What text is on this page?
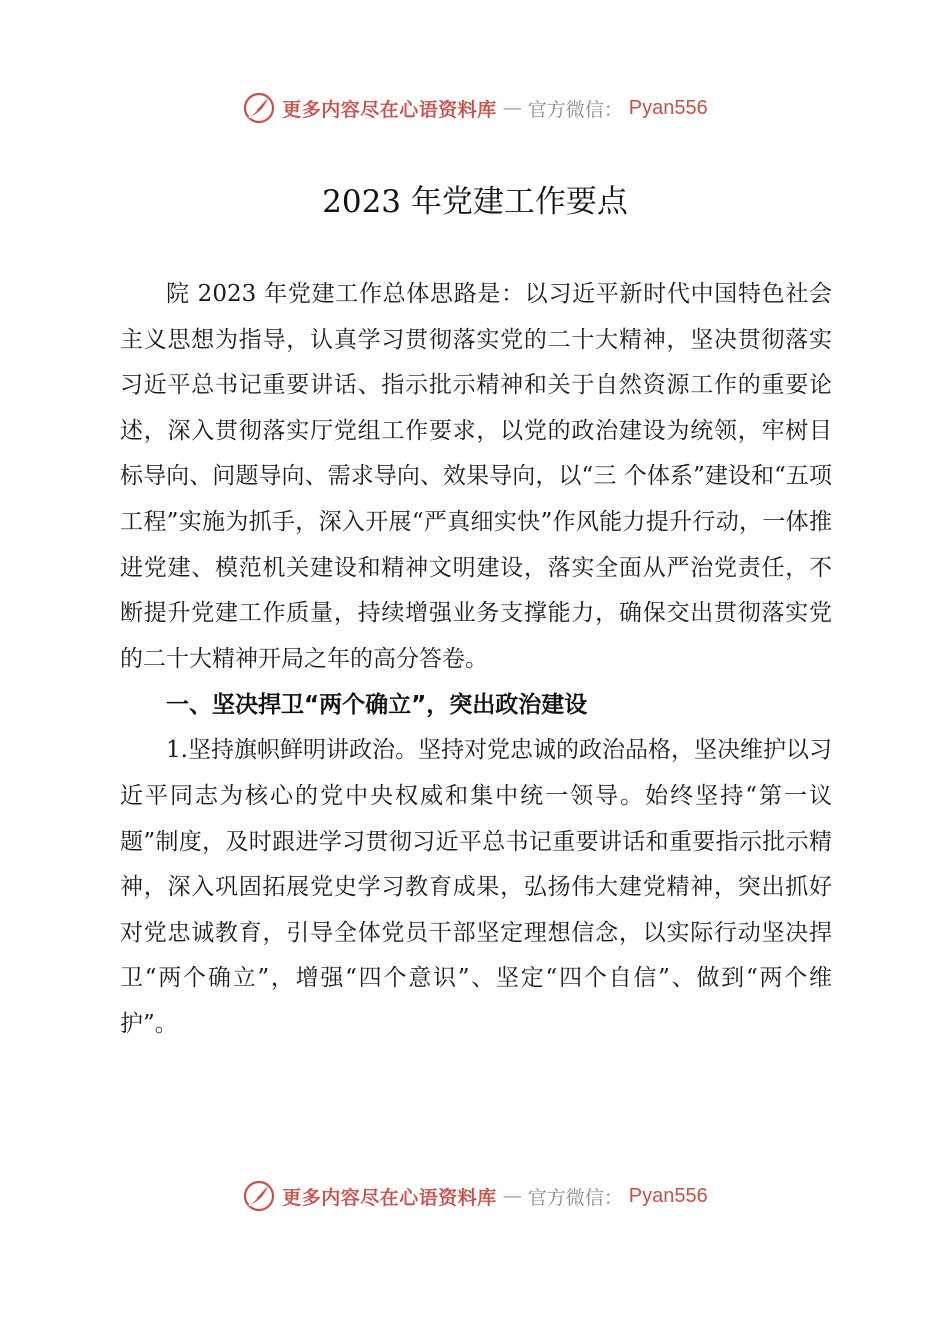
更多内容尽在心语资料库 — 官方微信： Pyan556
2023 年党建工作要点

院 2023 年党建工作总体思路是：以习近平新时代中国特色社会主义思想为指导，认真学习贯彻落实党的二十大精神，坚决贯彻落实习近平总书记重要讲话、指示批示精神和关于自然资源工作的重要论述，深入贯彻落实厅党组工作要求，以党的政治建设为统领，牢树目标导向、问题导向、需求导向、效果导向，以“三 个体系”建设和“五项工程”实施为抓手，深入开展“严真细实快”作风能力提升行动，一体推进党建、模范机关建设和精神文明建设，落实全面从严治党责任，不断提升党建工作质量，持续增强业务支撑能力，确保交出贯彻落实党的二十大精神开局之年的高分答卷。

一、坚决捍卫“两个确立”，突出政治建设

1.坚持旗帜鲜明讲政治。坚持对党忠诚的政治品格，坚决维护以习近平同志为核心的党中央权威和集中统一领导。始终坚持“第一议题”制度，及时跟进学习贯彻习近平总书记重要讲话和重要指示批示精神，深入巩固拓展党史学习教育成果，弘扬伟大建党精神，突出抓好对党忠诚教育，引导全体党员干部坚定理想信念，以实际行动坚决捍卫“两个确立”，增强“四个意识”、坚定“四个自信”、做到“两个维护”。

更多内容尽在心语资料库 — 官方微信： Pyan556
